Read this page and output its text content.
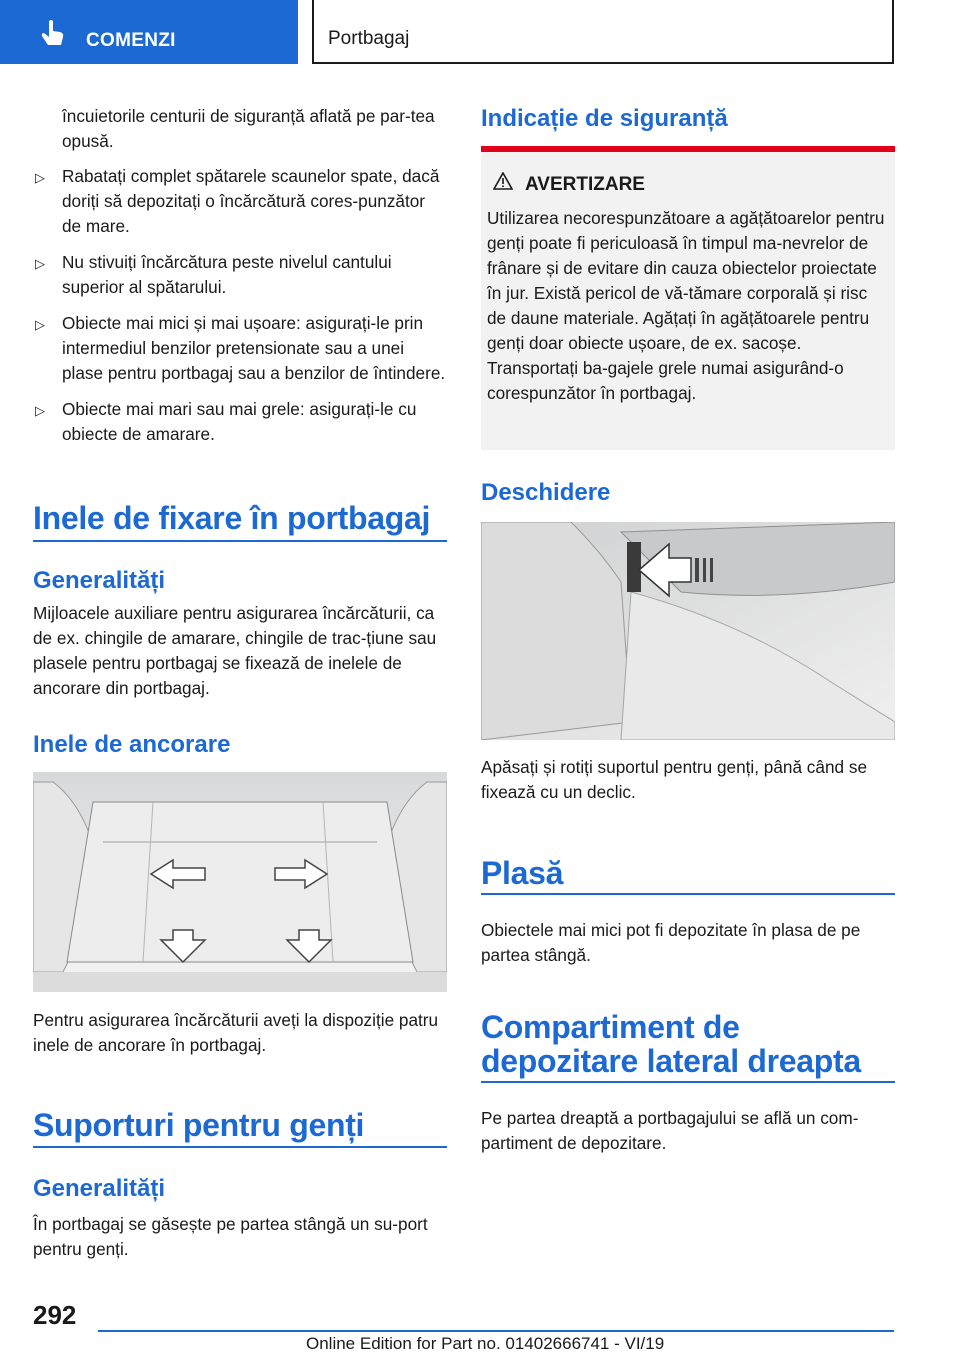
COMENZI	Portbagaj

încuietorile centurii de siguranță aflată pe par-tea opusă.

▷ Rabatați complet spătarele scaunelor spate, dacă doriți să depozitați o încărcătură cores-punzător de mare.
▷ Nu stivuiți încărcătura peste nivelul cantului superior al spătarului.
▷ Obiecte mai mici și mai ușoare: asigurați-le prin intermediul benzilor pretensionate sau a unei plase pentru portbagaj sau a benzilor de întindere.
▷ Obiecte mai mari sau mai grele: asigurați-le cu obiecte de amarare.
Inele de fixare în portbagaj
Generalități

Mijloacele auxiliare pentru asigurarea încărcăturii, ca de ex. chingile de amarare, chingile de trac-țiune sau plasele pentru portbagaj se fixează de inelele de ancorare din portbagaj.

Inele de ancorare

Pentru asigurarea încărcăturii aveți la dispoziție patru inele de ancorare în portbagaj.

Suporturi pentru genți
Generalități

În portbagaj se găsește pe partea stângă un su-port pentru genți.

Indicație de siguranță
AVERTIZARE

Utilizarea necorespunzătoare a agățătoarelor pentru genți poate fi periculoasă în timpul ma-nevrelor de frânare și de evitare din cauza obiectelor proiectate în jur. Există pericol de vă-tămare corporală și risc de daune materiale. Agățați în agățătoarele pentru genți doar obiecte ușoare, de ex. sacoșe. Transportați ba-gajele grele numai asigurând-o corespunzător în portbagaj.

Deschidere

Apăsați și rotiți suportul pentru genți, până când se fixează cu un declic.

Plasă

Obiectele mai mici pot fi depozitate în plasa de pe partea stângă.

Compartiment de
depozitare lateral dreapta

Pe partea dreaptă a portbagajului se află un com-partiment de depozitare.

292
Online Edition for Part no. 01402666741 - VI/19
